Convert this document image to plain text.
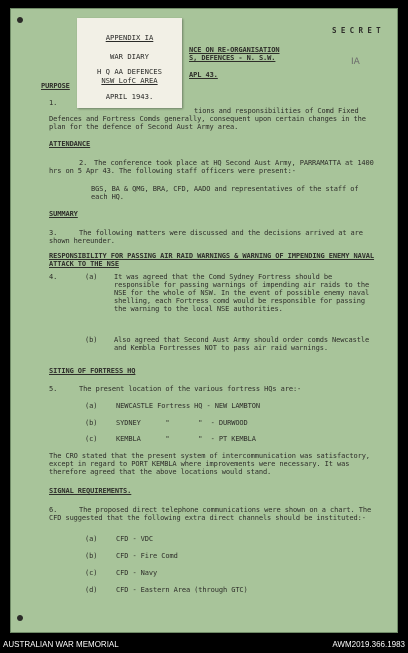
S E C R E T
IA
NCE ON RE-ORGANISATION
S, DEFENCES - N. S.W.
APL 43.
APPENDIX IA
WAR DIARY
H Q AA DEFENCES
NSW LofC AREA
APRIL 1943.
PURPOSE
1.
tions and responsibilities of Comd Fixed Defences and Fortress Comds generally, consequent upon certain changes in the plan for the defence of Second Aust Army area.
ATTENDANCE
2. The conference took place at HQ Second Aust Army, PARRAMATTA at 1400 hrs on 5 Apr 43. The following staff officers were present:-
BGS, BA & QMG, BRA, CFD, AADO and representatives of the staff of each HQ.
SUMMARY
3.	The following matters were discussed and the decisions arrived at are shown hereunder.
RESPONSIBILITY FOR PASSING AIR RAID WARNINGS & WARNING OF IMPENDING ENEMY NAVAL ATTACK TO THE NSE
4.	(a) It was agreed that the Comd Sydney Fortress should be responsible for passing warnings of impending air raids to the NSE for the whole of NSW. In the event of possible enemy naval shelling, each Fortress comd would be responsible for passing the warning to the local NSE authorities.
(b) Also agreed that Second Aust Army should order comds Newcastle and Kembla Fortresses NOT to pass air raid warnings.
SITING OF FORTRESS HQ
5.	The present location of the various fortress HQs are:-
(a)	NEWCASTLE Fortress HQ - NEW LAMBTON
(b)	SYDNEY      "       "  - DURWOOD
(c)	KEMBLA      "       "  - PT KEMBLA
The CRO stated that the present system of intercommunication was satisfactory, except in regard to PORT KEMBLA where improvements were necessary. It was therefore agreed that the above locations would stand.
SIGNAL REQUIREMENTS.
6.	The proposed direct telephone communications were shown on a chart. The CFD suggested that the following extra direct channels should be instituted:-
(a)	CFD - VDC
(b)	CFD - Fire Comd
(c)	CFD - Navy
(d)	CFD - Eastern Area (through GTC)
AUSTRALIAN WAR MEMORIAL	AWM2019.366.1983
